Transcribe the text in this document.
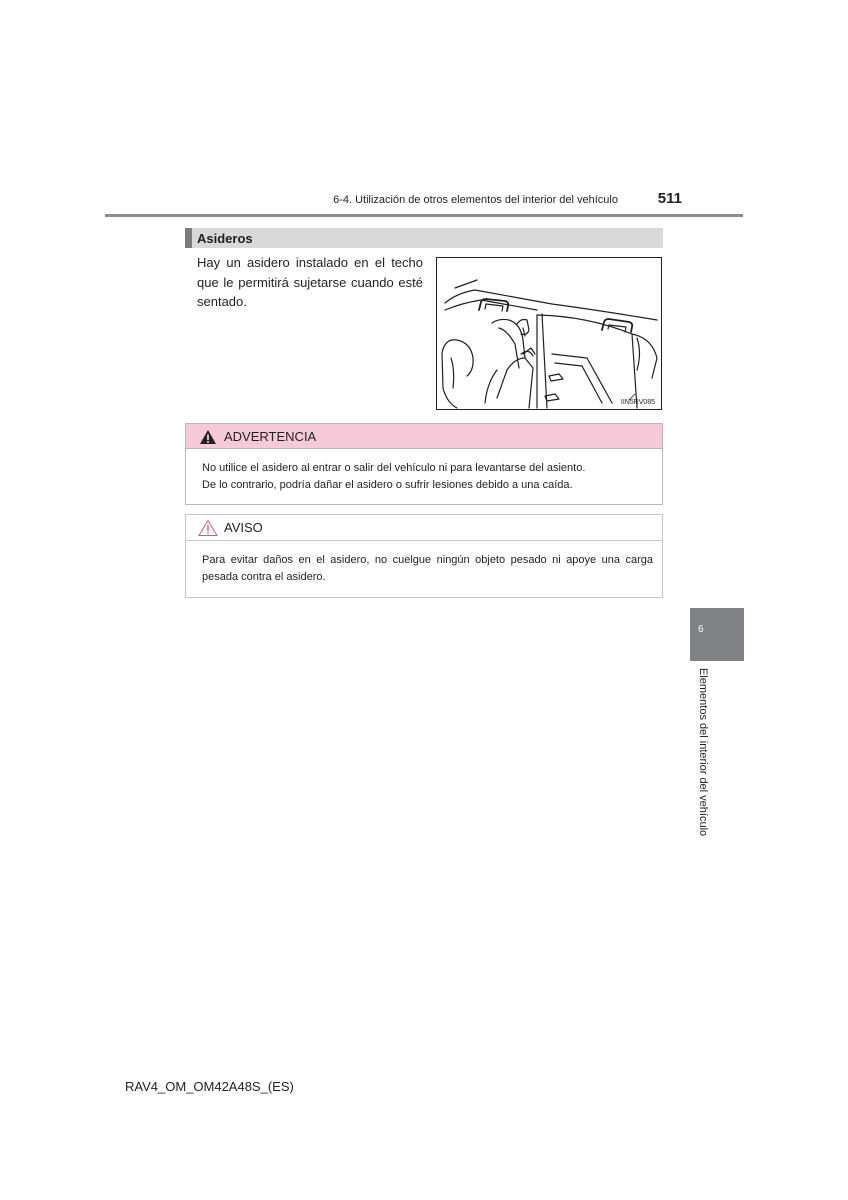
6-4. Utilización de otros elementos del interior del vehículo	511
Asideros
Hay un asidero instalado en el techo que le permitirá sujetarse cuando esté sentado.
IIN5RV085
ADVERTENCIA
No utilice el asidero al entrar o salir del vehículo ni para levantarse del asiento.
De lo contrario, podría dañar el asidero o sufrir lesiones debido a una caída.
AVISO
Para evitar daños en el asidero, no cuelgue ningún objeto pesado ni apoye una carga pesada contra el asidero.
6
Elementos del interior del vehículo
RAV4_OM_OM42A48S_(ES)
